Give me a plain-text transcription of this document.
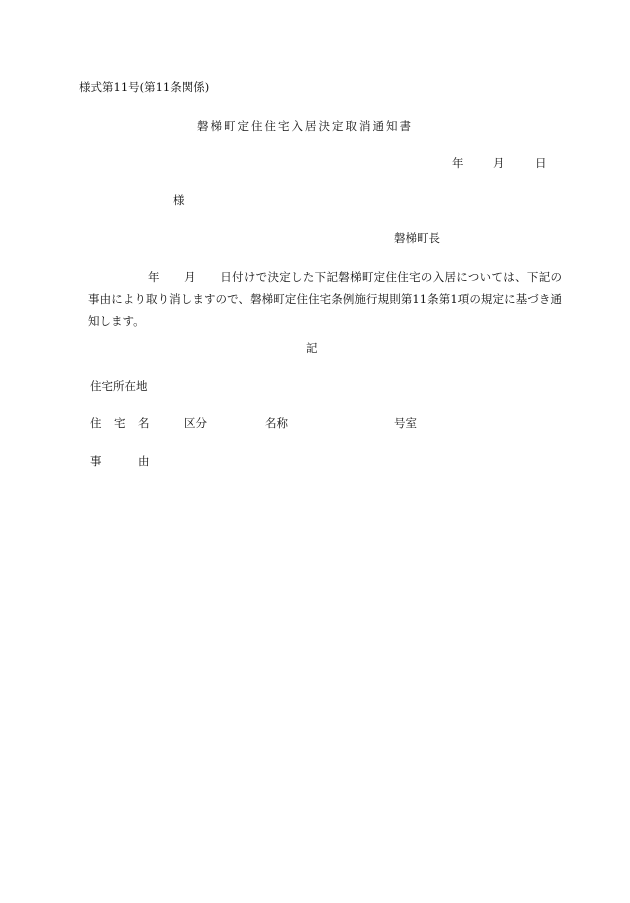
様式第11号(第11条関係)
磐梯町定住住宅入居決定取消通知書
年	月	日
様
磐梯町長
年 月 日付けで決定した下記磐梯町定住住宅の入居については、下記の事由により取り消しますので、磐梯町定住住宅条例施行規則第11条第1項の規定に基づき通知します。
記
住宅所在地
住 宅 名	区分	名称	号室
事	由
